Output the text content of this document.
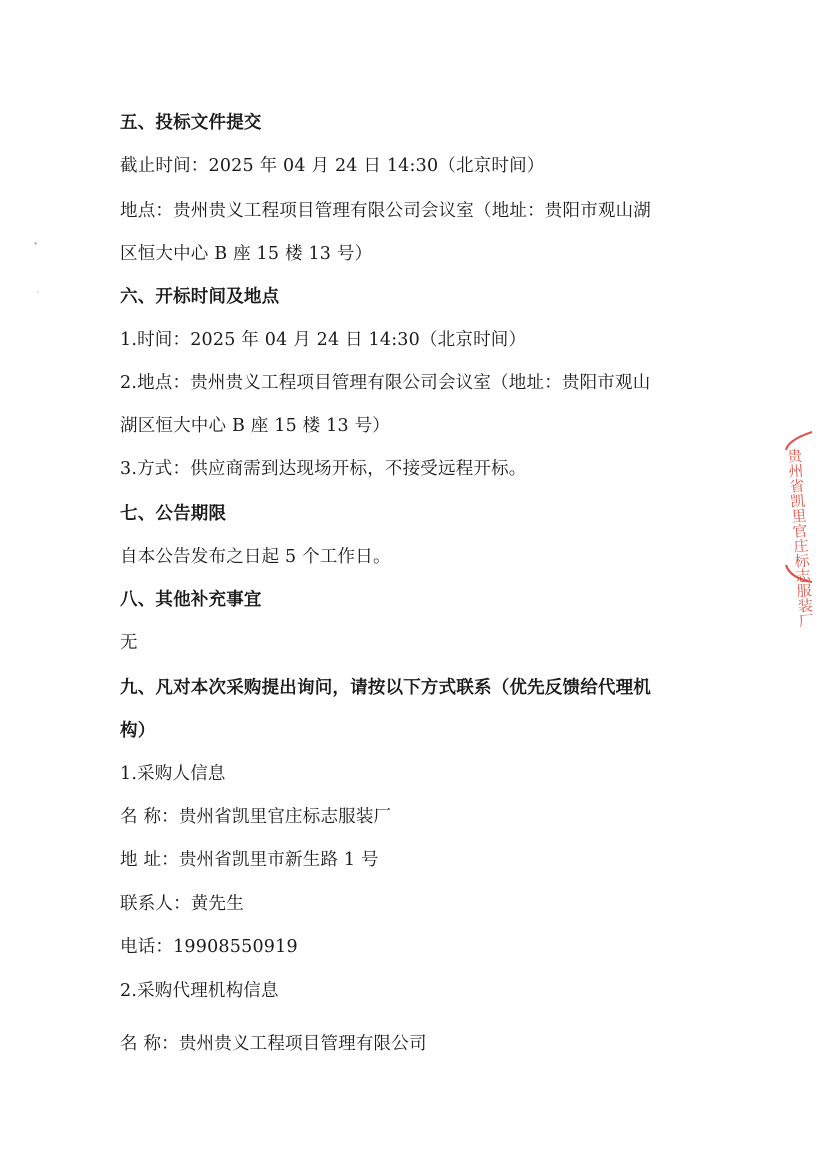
五、投标文件提交
截止时间：2025 年 04 月 24 日 14:30（北京时间）
地点：贵州贵义工程项目管理有限公司会议室（地址：贵阳市观山湖
区恒大中心 B 座 15 楼 13 号）
六、开标时间及地点
1.时间：2025 年 04 月 24 日 14:30（北京时间）
2.地点：贵州贵义工程项目管理有限公司会议室（地址：贵阳市观山
湖区恒大中心 B 座 15 楼 13 号）
3.方式：供应商需到达现场开标，不接受远程开标。
七、公告期限
自本公告发布之日起 5 个工作日。
八、其他补充事宜
无
九、凡对本次采购提出询问，请按以下方式联系（优先反馈给代理机
构）
1.采购人信息
名 称：贵州省凯里官庄标志服装厂
地 址：贵州省凯里市新生路 1 号
联系人：黄先生
电话：19908550919
2.采购代理机构信息
名 称：贵州贵义工程项目管理有限公司
•
ˋ
贵州省凯里官庄标志服装厂
